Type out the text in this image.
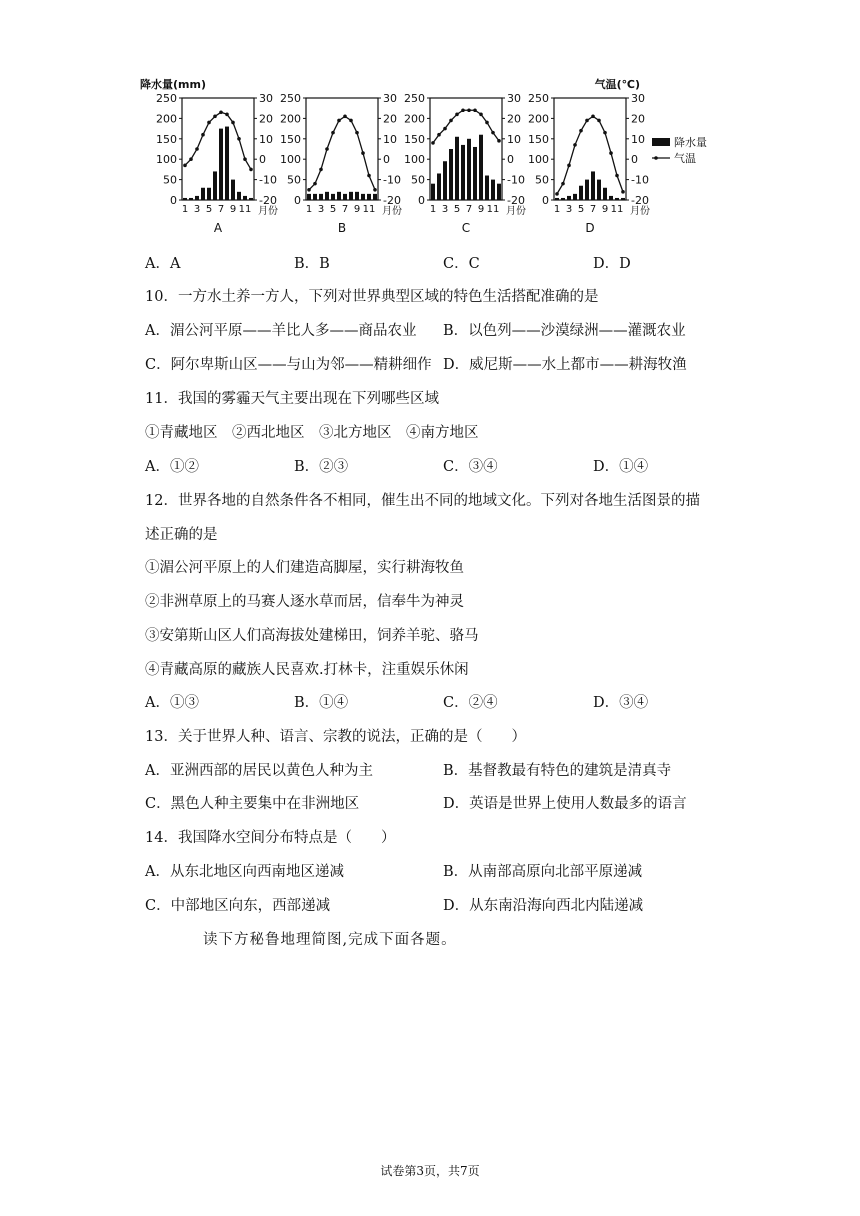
250
200
150
100
50
0
30
20
10
0
-10
-20
1 3 5 7 9 11 月份
A
250
200
150
100
50
0
30
20
10
0
-10
-20
1 3 5 7 9 11 月份
B
250
200
150
100
50
0
30
20
10
0
-10
-20
1 3 5 7 9 11 月份
C
250
200
150
100
50
0
30
20
10
0
-10
-20
1 3 5 7 9 11 月份
D
降水量(mm)	气温(℃)
降水量
气温
A．A	B．B	C．C	D．D
10．一方水土养一方人，下列对世界典型区域的特色生活搭配准确的是
A．湄公河平原——羊比人多——商品农业 B．以色列——沙漠绿洲——灌溉农业
C．阿尔卑斯山区——与山为邻——精耕细作 D．威尼斯——水上都市——耕海牧渔
11．我国的雾霾天气主要出现在下列哪些区域
①青藏地区　②西北地区　③北方地区　④南方地区
A．①②	B．②③	C．③④	D．①④
12．世界各地的自然条件各不相同，催生出不同的地域文化。下列对各地生活图景的描
述正确的是
①湄公河平原上的人们建造高脚屋，实行耕海牧鱼
②非洲草原上的马赛人逐水草而居，信奉牛为神灵
③安第斯山区人们高海拔处建梯田，饲养羊驼、骆马
④青藏高原的藏族人民喜欢.打林卡，注重娱乐休闲
A．①③	B．①④	C．②④	D．③④
13．关于世界人种、语言、宗教的说法，正确的是（　　）
A．亚洲西部的居民以黄色人种为主	B．基督教最有特色的建筑是清真寺
C．黑色人种主要集中在非洲地区	D．英语是世界上使用人数最多的语言
14．我国降水空间分布特点是（　　）
A．从东北地区向西南地区递减	B．从南部高原向北部平原递减
C．中部地区向东，西部递减	D．从东南沿海向西北内陆递减
读下方秘鲁地理简图,完成下面各题。
试卷第3页，共7页
